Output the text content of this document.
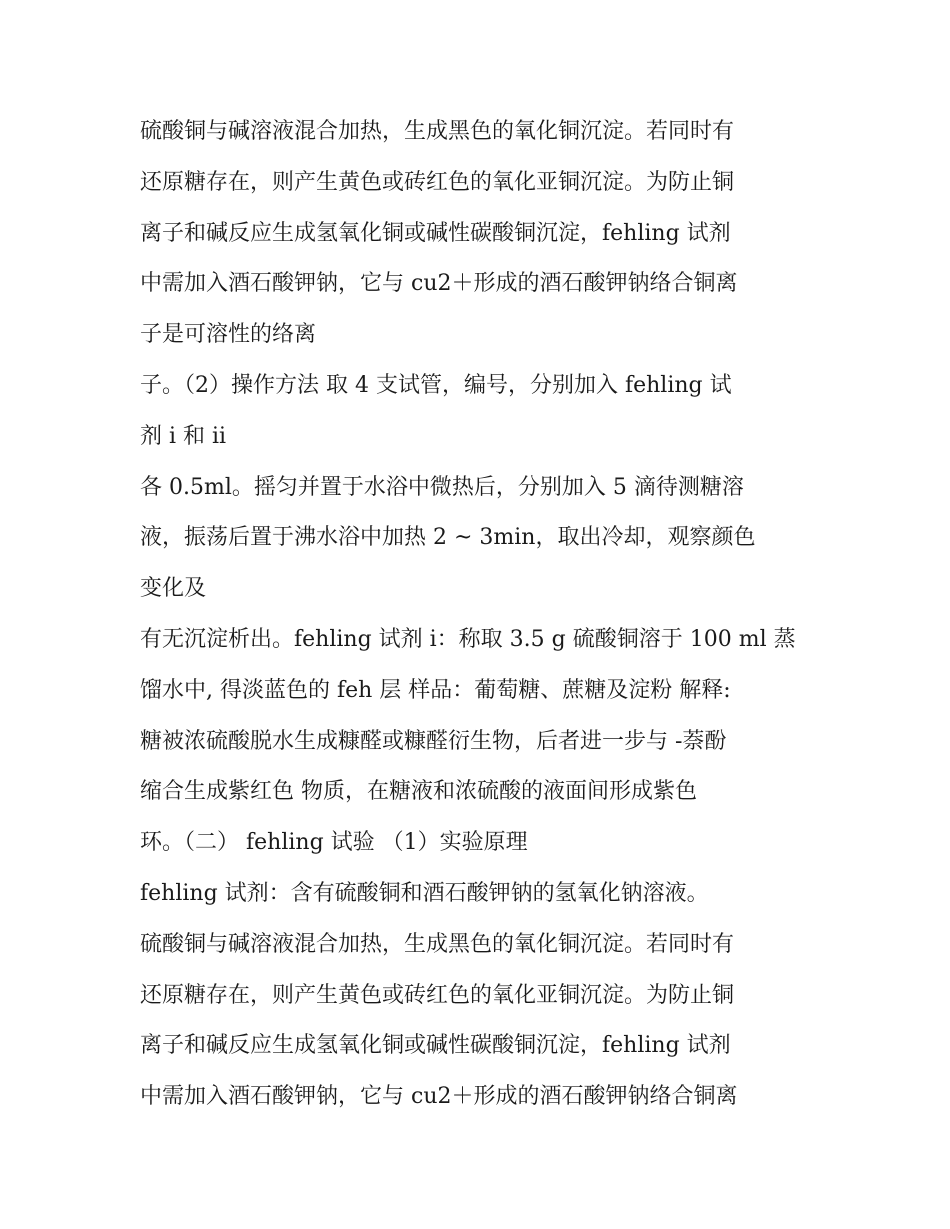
硫酸铜与碱溶液混合加热，生成黑色的氧化铜沉淀。若同时有
还原糖存在，则产生黄色或砖红色的氧化亚铜沉淀。为防止铜
离子和碱反应生成氢氧化铜或碱性碳酸铜沉淀，fehling 试剂
中需加入酒石酸钾钠，它与 cu2＋形成的酒石酸钾钠络合铜离
子是可溶性的络离
子。（2）操作方法 取 4 支试管，编号，分别加入 fehling 试
剂 i 和 ii
各 0.5ml。摇匀并置于水浴中微热后，分别加入 5 滴待测糖溶
液，振荡后置于沸水浴中加热 2 ~ 3min，取出冷却，观察颜色
变化及
有无沉淀析出。fehling 试剂 i：称取 3.5 g 硫酸铜溶于 100 ml 蒸
馏水中, 得淡蓝色的 feh 层 样品：葡萄糖、蔗糖及淀粉 解释:
糖被浓硫酸脱水生成糠醛或糠醛衍生物，后者进一步与 -萘酚
缩合生成紫红色 物质，在糖液和浓硫酸的液面间形成紫色
环。（二） fehling 试验 （1）实验原理
fehling 试剂：含有硫酸铜和酒石酸钾钠的氢氧化钠溶液。
硫酸铜与碱溶液混合加热，生成黑色的氧化铜沉淀。若同时有
还原糖存在，则产生黄色或砖红色的氧化亚铜沉淀。为防止铜
离子和碱反应生成氢氧化铜或碱性碳酸铜沉淀，fehling 试剂
中需加入酒石酸钾钠，它与 cu2＋形成的酒石酸钾钠络合铜离
